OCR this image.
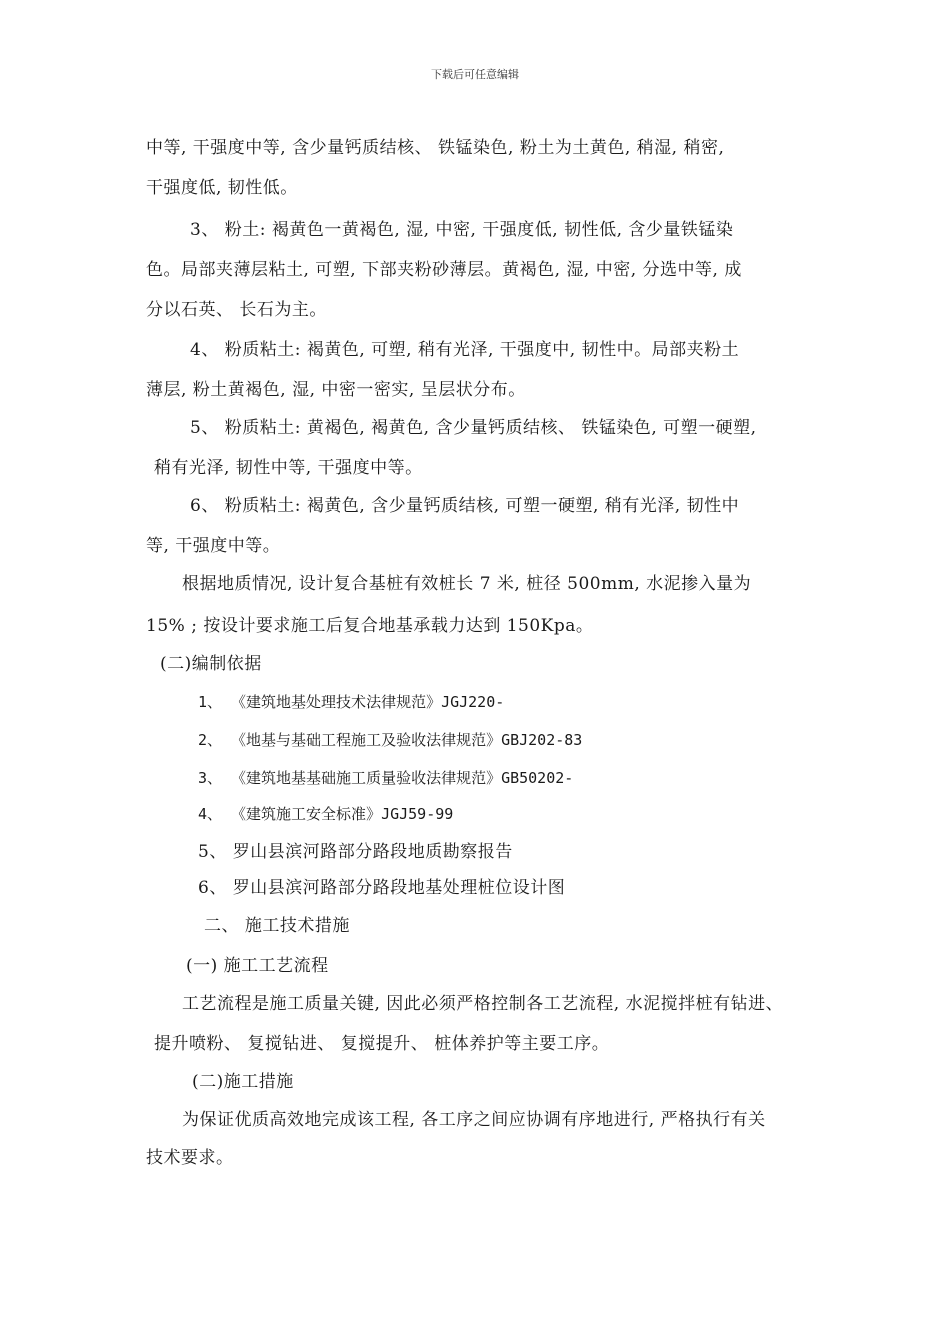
下载后可任意编辑
中等, 干强度中等, 含少量钙质结核、 铁锰染色, 粉土为土黄色, 稍湿, 稍密,
干强度低, 韧性低。
3、 粉土: 褐黄色一黄褐色, 湿, 中密, 干强度低, 韧性低, 含少量铁锰染
色。局部夹薄层粘土, 可塑, 下部夹粉砂薄层。黄褐色, 湿, 中密, 分选中等, 成
分以石英、 长石为主。
4、 粉质粘土: 褐黄色, 可塑, 稍有光泽, 干强度中, 韧性中。局部夹粉土
薄层, 粉土黄褐色, 湿, 中密一密实, 呈层状分布。
5、 粉质粘土: 黄褐色, 褐黄色, 含少量钙质结核、 铁锰染色, 可塑一硬塑,
稍有光泽, 韧性中等, 干强度中等。
6、 粉质粘土: 褐黄色, 含少量钙质结核, 可塑一硬塑, 稍有光泽, 韧性中
等, 干强度中等。
根据地质情况, 设计复合基桩有效桩长 7 米, 桩径 500mm, 水泥掺入量为
15% ; 按设计要求施工后复合地基承载力达到 150Kpa。
(二)编制依据
1、 《建筑地基处理技术法律规范》JGJ220-
2、 《地基与基础工程施工及验收法律规范》GBJ202-83
3、 《建筑地基基础施工质量验收法律规范》GB50202-
4、 《建筑施工安全标准》JGJ59-99
5、 罗山县滨河路部分路段地质勘察报告
6、 罗山县滨河路部分路段地基处理桩位设计图
二、 施工技术措施
(一) 施工工艺流程
工艺流程是施工质量关键, 因此必须严格控制各工艺流程, 水泥搅拌桩有钻进、
提升喷粉、 复搅钻进、 复搅提升、 桩体养护等主要工序。
(二)施工措施
为保证优质高效地完成该工程, 各工序之间应协调有序地进行, 严格执行有关
技术要求。
